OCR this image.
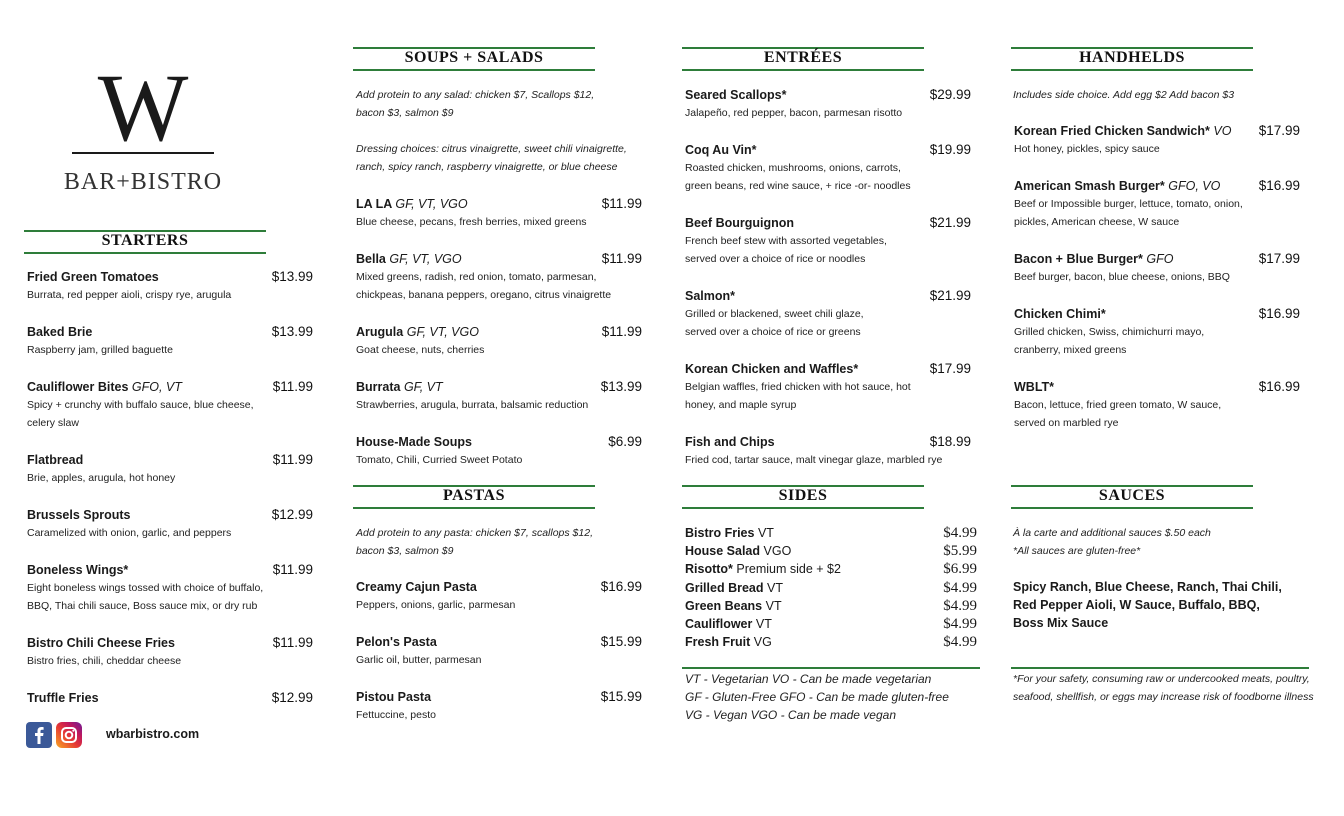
W
BAR+BISTRO
STARTERS
Fried Green Tomatoes
Burrata, red pepper aioli, crispy rye, arugula
$13.99
Baked Brie
Raspberry jam, grilled baguette
$13.99
Cauliflower Bites GFO, VT
Spicy + crunchy with buffalo sauce, blue cheese,
celery slaw
$11.99
Flatbread
Brie, apples, arugula, hot honey
$11.99
Brussels Sprouts
Caramelized with onion, garlic, and peppers
$12.99
Boneless Wings*
Eight boneless wings tossed with choice of buffalo,
BBQ, Thai chili sauce, Boss sauce mix, or dry rub
$11.99
Bistro Chili Cheese Fries
Bistro fries, chili, cheddar cheese
$11.99
Truffle Fries	$12.99
wbarbistro.com
SOUPS + SALADS
Add protein to any salad: chicken $7, Scallops $12,
bacon $3, salmon $9
Dressing choices: citrus vinaigrette, sweet chili vinaigrette,
ranch, spicy ranch, raspberry vinaigrette, or blue cheese
LA LA GF, VT, VGO
Blue cheese, pecans, fresh berries, mixed greens
$11.99
Bella GF, VT, VGO
Mixed greens, radish, red onion, tomato, parmesan,
chickpeas, banana peppers, oregano, citrus vinaigrette
$11.99
Arugula GF, VT, VGO
Goat cheese, nuts, cherries
$11.99
Burrata GF, VT
Strawberries, arugula, burrata, balsamic reduction
$13.99
House-Made Soups
Tomato, Chili, Curried Sweet Potato
$6.99
PASTAS
Add protein to any pasta: chicken $7, scallops $12,
bacon $3, salmon $9
Creamy Cajun Pasta
Peppers, onions, garlic, parmesan
$16.99
Pelon's Pasta
Garlic oil, butter, parmesan
$15.99
Pistou Pasta
Fettuccine, pesto
$15.99
ENTRÉES
Seared Scallops*
Jalapeño, red pepper, bacon, parmesan risotto
$29.99
Coq Au Vin*
Roasted chicken, mushrooms, onions, carrots,
green beans, red wine sauce, + rice -or- noodles
$19.99
Beef Bourguignon
French beef stew with assorted vegetables,
served over a choice of rice or noodles
$21.99
Salmon*
Grilled or blackened, sweet chili glaze,
served over a choice of rice or greens
$21.99
Korean Chicken and Waffles*
Belgian waffles, fried chicken with hot sauce, hot
honey, and maple syrup
$17.99
Fish and Chips
Fried cod, tartar sauce, malt vinegar glaze, marbled rye
$18.99
SIDES
Bistro Fries VT	$4.99
House Salad VGO	$5.99
Risotto* Premium side + $2	$6.99
Grilled Bread VT	$4.99
Green Beans VT	$4.99
Cauliflower VT	$4.99
Fresh Fruit VG	$4.99
VT - Vegetarian VO - Can be made vegetarian
GF - Gluten-Free GFO - Can be made gluten-free
VG - Vegan VGO - Can be made vegan
HANDHELDS
Includes side choice. Add egg $2 Add bacon $3
Korean Fried Chicken Sandwich* VO
Hot honey, pickles, spicy sauce
$17.99
American Smash Burger* GFO, VO
Beef or Impossible burger, lettuce, tomato, onion,
pickles, American cheese, W sauce
$16.99
Bacon + Blue Burger* GFO
Beef burger, bacon, blue cheese, onions, BBQ
$17.99
Chicken Chimi*
Grilled chicken, Swiss, chimichurri mayo,
cranberry, mixed greens
$16.99
WBLT*
Bacon, lettuce, fried green tomato, W sauce,
served on marbled rye
$16.99
SAUCES
À la carte and additional sauces $.50 each
*All sauces are gluten-free*
Spicy Ranch, Blue Cheese, Ranch, Thai Chili,
Red Pepper Aioli, W Sauce, Buffalo, BBQ,
Boss Mix Sauce
*For your safety, consuming raw or undercooked meats, poultry,
seafood, shellfish, or eggs may increase risk of foodborne illness
